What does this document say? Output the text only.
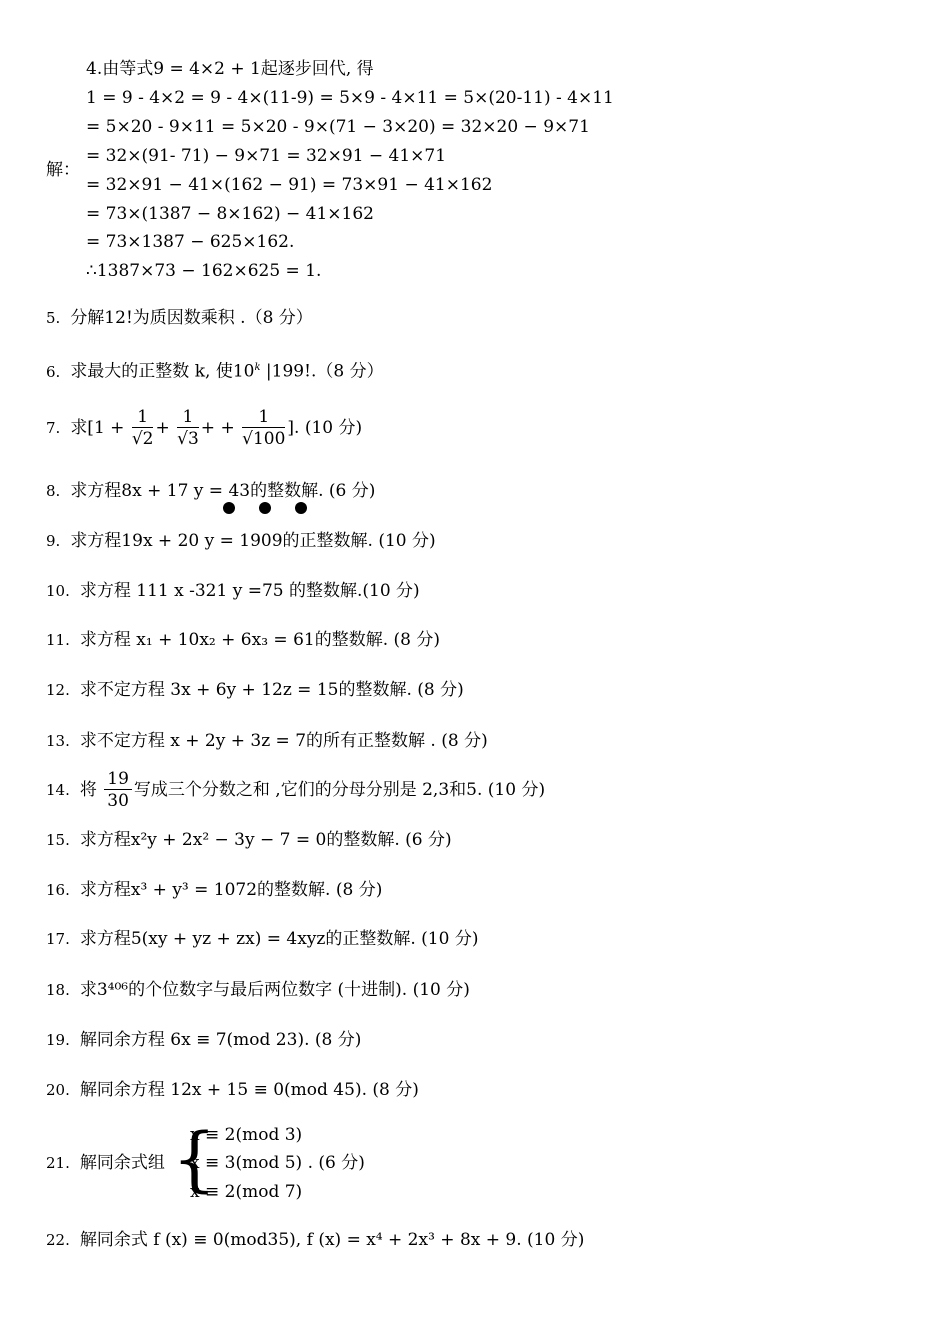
解：
4.由等式9 = 4×2 + 1起逐步回代, 得
1 = 9 - 4×2 = 9 - 4×(11-9) = 5×9 - 4×11 = 5×(20-11) - 4×11
= 5×20 - 9×11 = 5×20 - 9×(71 − 3×20) = 32×20 − 9×71
= 32×(91- 71) − 9×71 = 32×91 − 41×71
= 32×91 − 41×(162 − 91) = 73×91 − 41×162
= 73×(1387 − 8×162) − 41×162
= 73×1387 − 625×162.
∴1387×73 − 162×625 = 1.
5. 分解12!为质因数乘积 .（8 分）
6. 求最大的正整数 k, 使10$^k$ |199!.（8 分）
7. 求[$1 + \frac{1}{√2} + \frac{1}{√3}$ + + $\frac{1}{√100}$ ]. (10 分)
8. 求方程8x + 17 y = 43的整数解. (6 分)
9. 求方程19x + 20 y = 1909的正整数解. (10 分)
10. 求方程 111 x -321 y =75 的整数解.(10 分)
11. 求方程 x₁ + 10x₂ + 6x₃ = 61的整数解. (8 分)
12. 求不定方程 3x + 6y + 12z = 15的整数解. (8 分)
13. 求不定方程 x + 2y + 3z = 7的所有正整数解 . (8 分)
14. 将 $\frac{19}{30}$ 写成三个分数之和 ,它们的分母分别是 2,3和5. (10 分)
15. 求方程x²y + 2x² − 3y − 7 = 0的整数解. (6 分)
16. 求方程x³ + y³ = 1072的整数解. (8 分)
17. 求方程5(xy + yz + zx) = 4xyz的正整数解. (10 分)
18. 求3⁴⁰⁶的个位数字与最后两位数字 (十进制). (10 分)
19. 解同余方程 6x ≡ 7(mod 23). (8 分)
20. 解同余方程 12x + 15 ≡ 0(mod 45). (8 分)
21. 解同余式组 {
x ≡ 2(mod 3)
x ≡ 3(mod 5) . (6 分)
x ≡ 2(mod 7)
22. 解同余式 f (x) ≡ 0(mod35), f (x) = x⁴ + 2x³ + 8x + 9. (10 分)
